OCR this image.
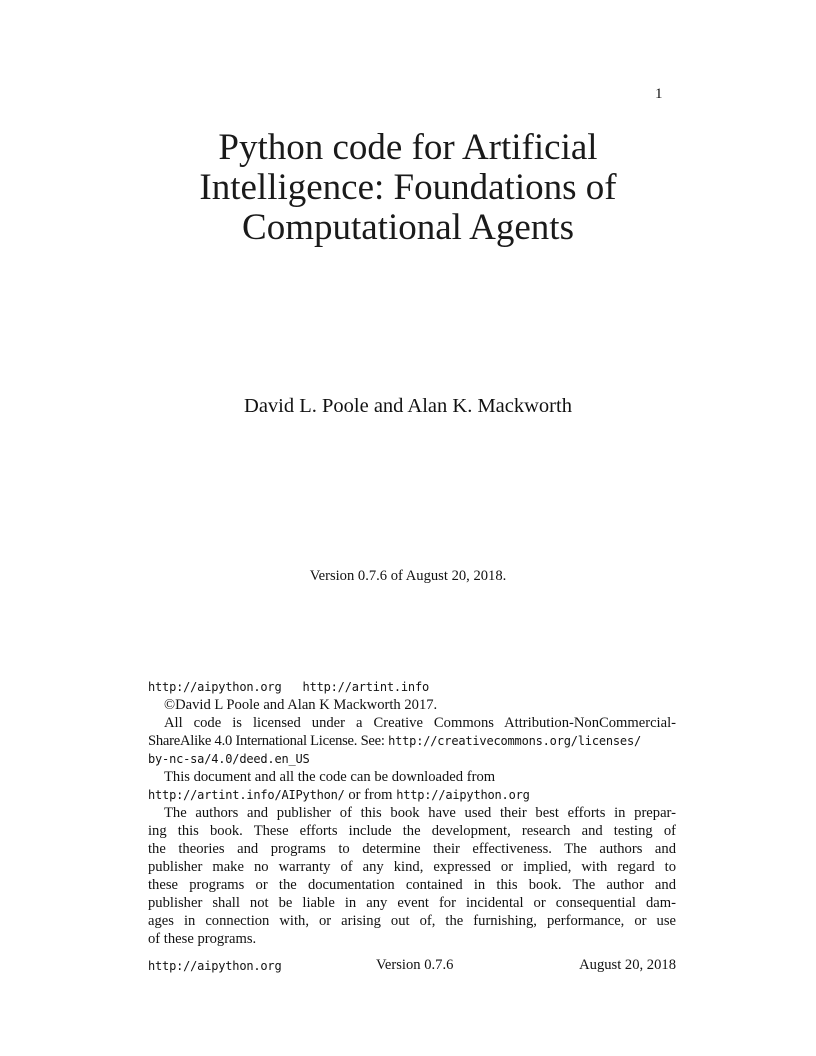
1
Python code for Artificial
Intelligence: Foundations of
Computational Agents
David L. Poole and Alan K. Mackworth
Version 0.7.6 of August 20, 2018.
http://aipython.org http://artint.info
©David L Poole and Alan K Mackworth 2017.
All code is licensed under a Creative Commons Attribution-NonCommercial-
ShareAlike 4.0 International License. See: http://creativecommons.org/licenses/
by-nc-sa/4.0/deed.en_US
This document and all the code can be downloaded from
http://artint.info/AIPython/ or from http://aipython.org
The authors and publisher of this book have used their best efforts in prepar-
ing this book. These efforts include the development, research and testing of
the theories and programs to determine their effectiveness. The authors and
publisher make no warranty of any kind, expressed or implied, with regard to
these programs or the documentation contained in this book. The author and
publisher shall not be liable in any event for incidental or consequential dam-
ages in connection with, or arising out of, the furnishing, performance, or use
of these programs.
http://aipython.org	Version 0.7.6	August 20, 2018
